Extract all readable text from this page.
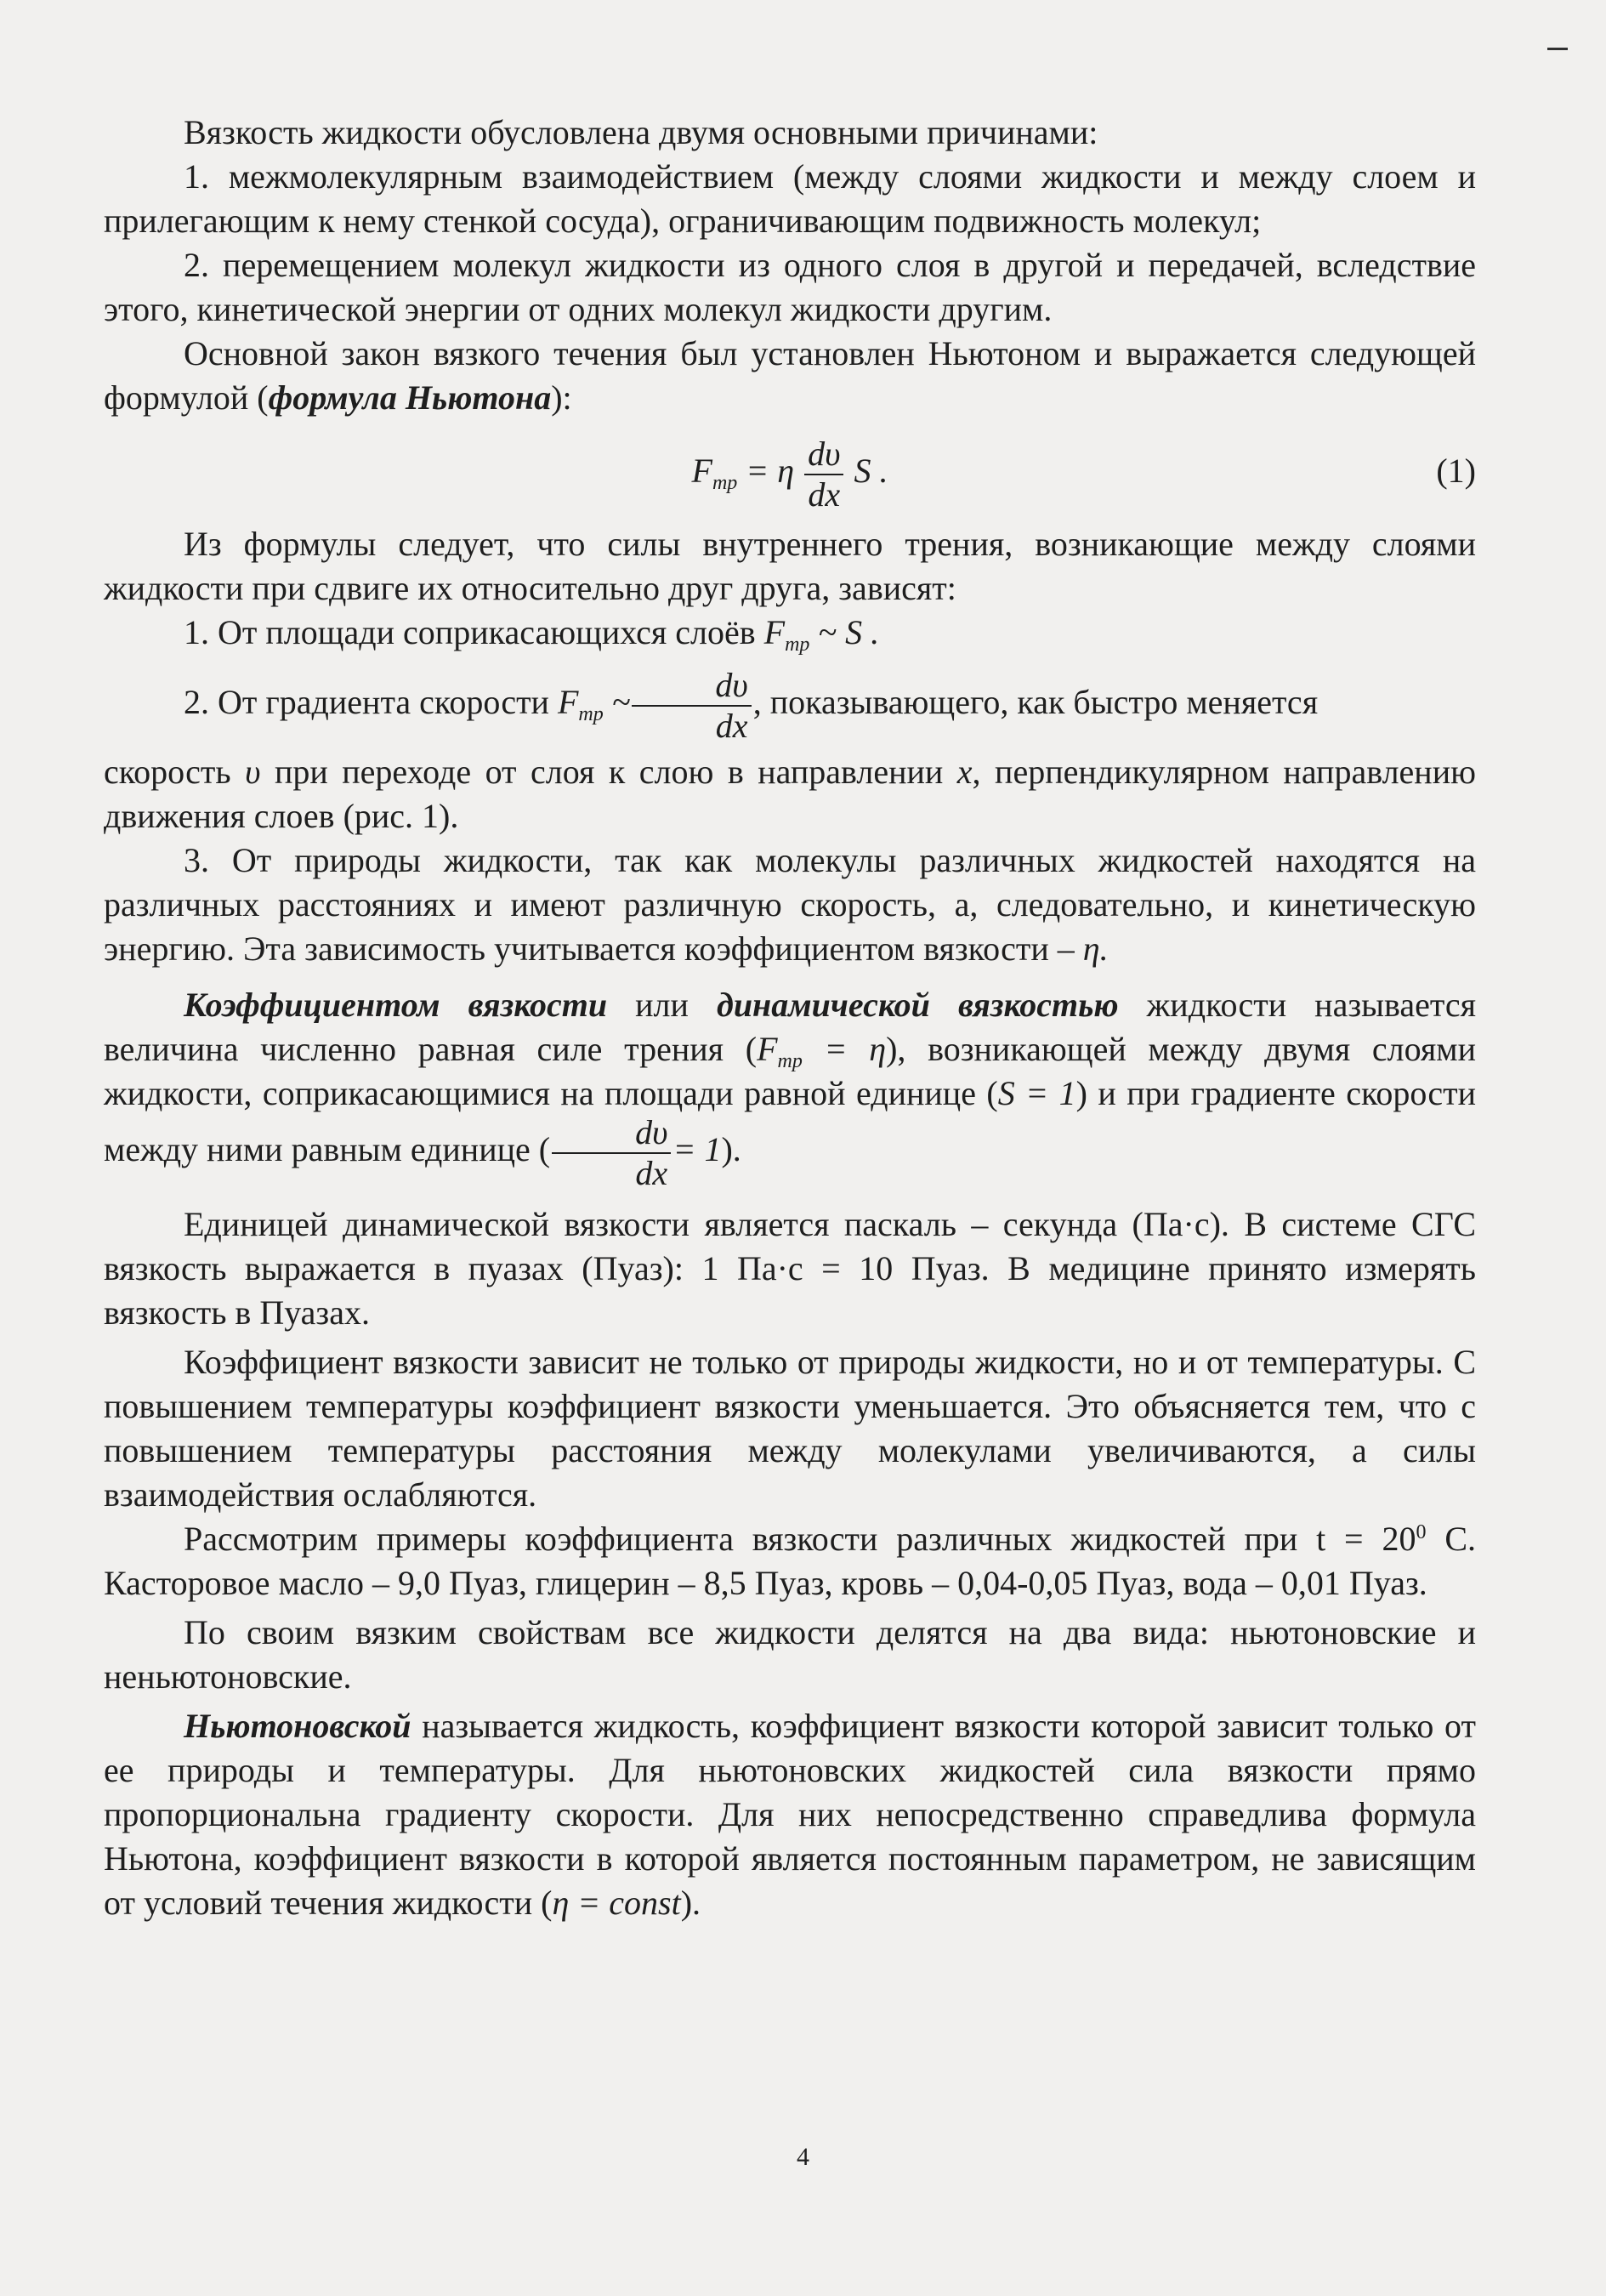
Вязкость жидкости обусловлена двумя основными причинами:

1. межмолекулярным взаимодействием (между слоями жидкости и между слоем и прилегающим к нему стенкой сосуда), ограничивающим подвижность молекул;

2. перемещением молекул жидкости из одного слоя в другой и передачей, вследствие этого, кинетической энергии от одних молекул жидкости другим.

Основной закон вязкого течения был установлен Ньютоном и выражается следующей формулой (формула Ньютона):

$F_{тр} = \eta \frac{d\upsilon}{dx}$ S .	(1)

Из формулы следует, что силы внутреннего трения, возникающие между слоями жидкости при сдвиге их относительно друг друга, зависят:

1. От площади соприкасающихся слоёв $F_{тр}$ ~ S .

2. От градиента скорости $F_{тр}$ ~ $\frac{d\upsilon}{dx}$ , показывающего, как быстро меняется

скорость υ при переходе от слоя к слою в направлении x, перпендикулярном направлению движения слоев (рис. 1).

3. От природы жидкости, так как молекулы различных жидкостей находятся на различных расстояниях и имеют различную скорость, а, следовательно, и кинетическую энергию. Эта зависимость учитывается коэффициентом вязкости – η.

Коэффициентом вязкости или динамической вязкостью жидкости называется величина численно равная силе трения $(F_{тр} = \eta)$, возникающей между двумя слоями жидкости, соприкасающимися на площади равной единице (S = 1) и при градиенте скорости между ними равным единице ( $\frac{d\upsilon}{dx} = 1$).

Единицей динамической вязкости является паскаль – секунда (Па·с). В системе СГС вязкость выражается в пуазах (Пуаз): 1 Па·с = 10 Пуаз. В медицине принято измерять вязкость в Пуазах.

Коэффициент вязкости зависит не только от природы жидкости, но и от температуры. С повышением температуры коэффициент вязкости уменьшается. Это объясняется тем, что с повышением температуры расстояния между молекулами увеличиваются, а силы взаимодействия ослабляются.

Рассмотрим примеры коэффициента вязкости различных жидкостей при $t = 20^0$ С. Касторовое масло – 9,0 Пуаз, глицерин – 8,5 Пуаз, кровь – 0,04-0,05 Пуаз, вода – 0,01 Пуаз.

По своим вязким свойствам все жидкости делятся на два вида: ньютоновские и неньютоновские.

Ньютоновской называется жидкость, коэффициент вязкости которой зависит только от ее природы и температуры. Для ньютоновских жидкостей сила вязкости прямо пропорциональна градиенту скорости. Для них непосредственно справедлива формула Ньютона, коэффициент вязкости в которой является постоянным параметром, не зависящим от условий течения жидкости (η = const).

4
